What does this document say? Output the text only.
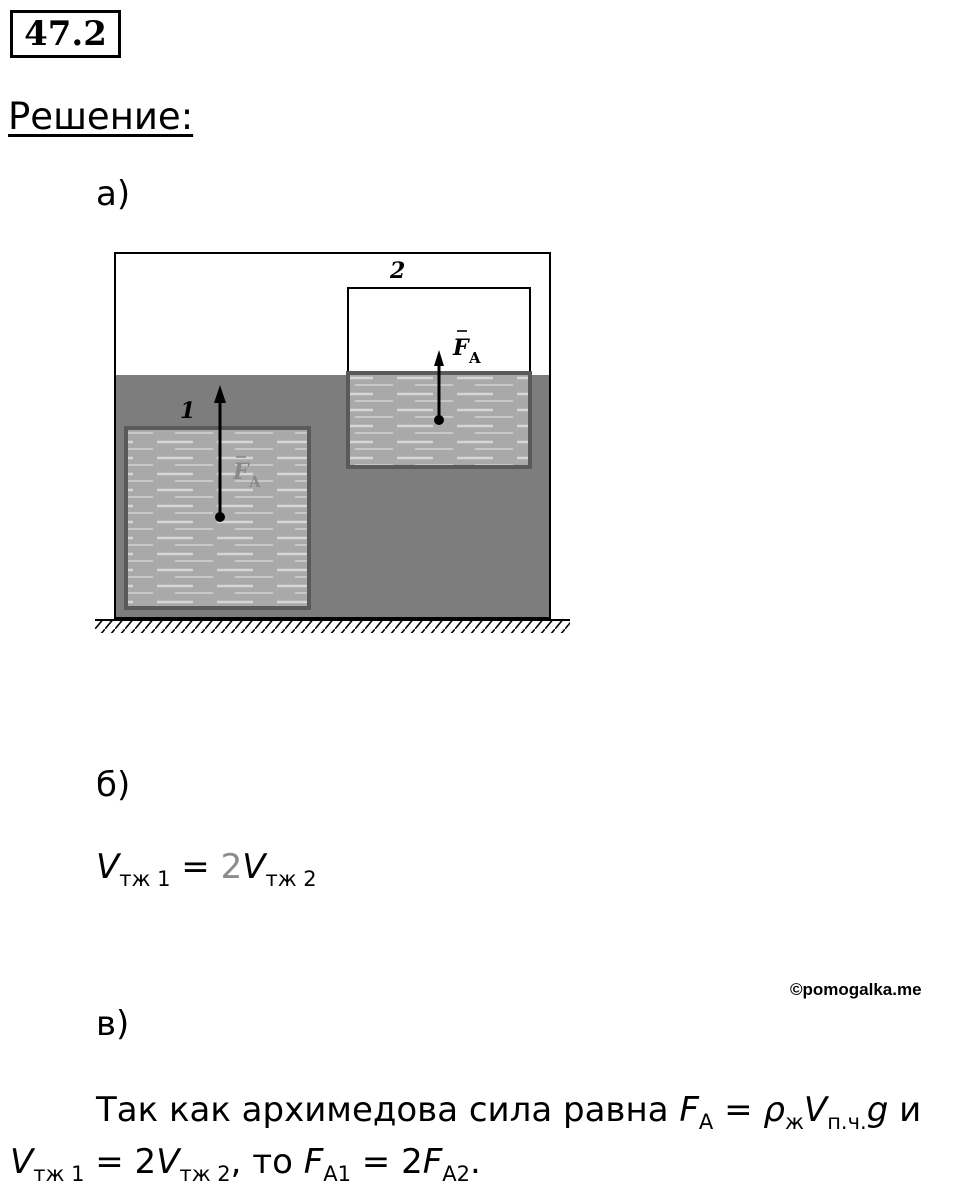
47.2
Решение:
а)
1
2
F A
F A
б)
$V_{тж 1} = 2V_{тж 2}$
©pomogalka.me
в)
Так как архимедова сила равна $F_A = \rho_жV_{п.ч.}g$ и
$V_{тж 1} = 2V_{тж 2}$, то $F_{A1} = 2F_{A2}$.
